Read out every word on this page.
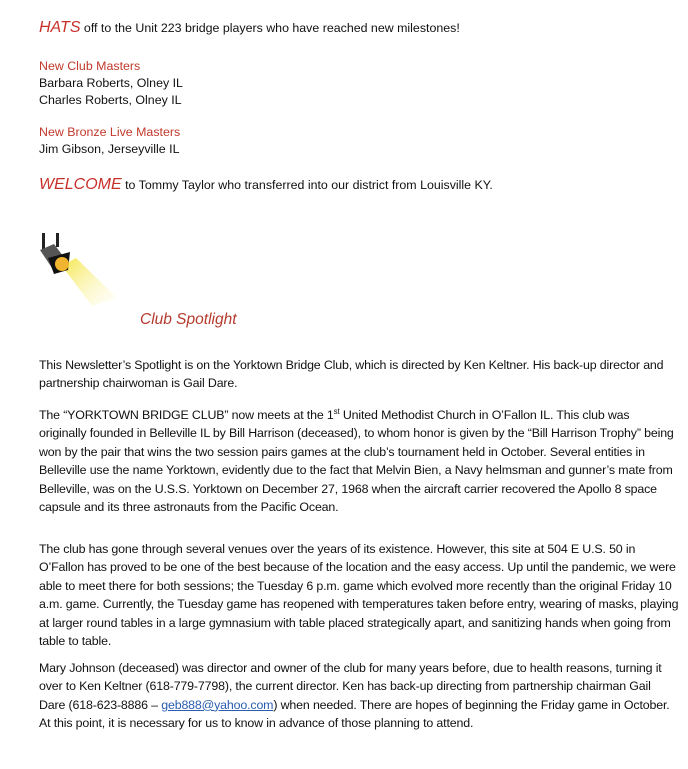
HATS off to the Unit 223 bridge players who have reached new milestones!
New Club Masters
Barbara Roberts, Olney IL
Charles Roberts, Olney IL
New Bronze Live Masters
Jim Gibson, Jerseyville IL
WELCOME to Tommy Taylor who transferred into our district from Louisville KY.
Club Spotlight
This Newsletter’s Spotlight is on the Yorktown Bridge Club, which is directed by Ken Keltner. His back-up director and partnership chairwoman is Gail Dare.
The “YORKTOWN BRIDGE CLUB” now meets at the 1st United Methodist Church in O’Fallon IL. This club was originally founded in Belleville IL by Bill Harrison (deceased), to whom honor is given by the “Bill Harrison Trophy” being won by the pair that wins the two session pairs games at the club’s tournament held in October. Several entities in Belleville use the name Yorktown, evidently due to the fact that Melvin Bien, a Navy helmsman and gunner’s mate from Belleville, was on the U.S.S. Yorktown on December 27, 1968 when the aircraft carrier recovered the Apollo 8 space capsule and its three astronauts from the Pacific Ocean.
The club has gone through several venues over the years of its existence. However, this site at 504 E U.S. 50 in O’Fallon has proved to be one of the best because of the location and the easy access. Up until the pandemic, we were able to meet there for both sessions; the Tuesday 6 p.m. game which evolved more recently than the original Friday 10 a.m. game. Currently, the Tuesday game has reopened with temperatures taken before entry, wearing of masks, playing at larger round tables in a large gymnasium with table placed strategically apart, and sanitizing hands when going from table to table.
Mary Johnson (deceased) was director and owner of the club for many years before, due to health reasons, turning it over to Ken Keltner (618-779-7798), the current director. Ken has back-up directing from partnership chairman Gail Dare (618-623-8886 – geb888@yahoo.com) when needed. There are hopes of beginning the Friday game in October. At this point, it is necessary for us to know in advance of those planning to attend.
